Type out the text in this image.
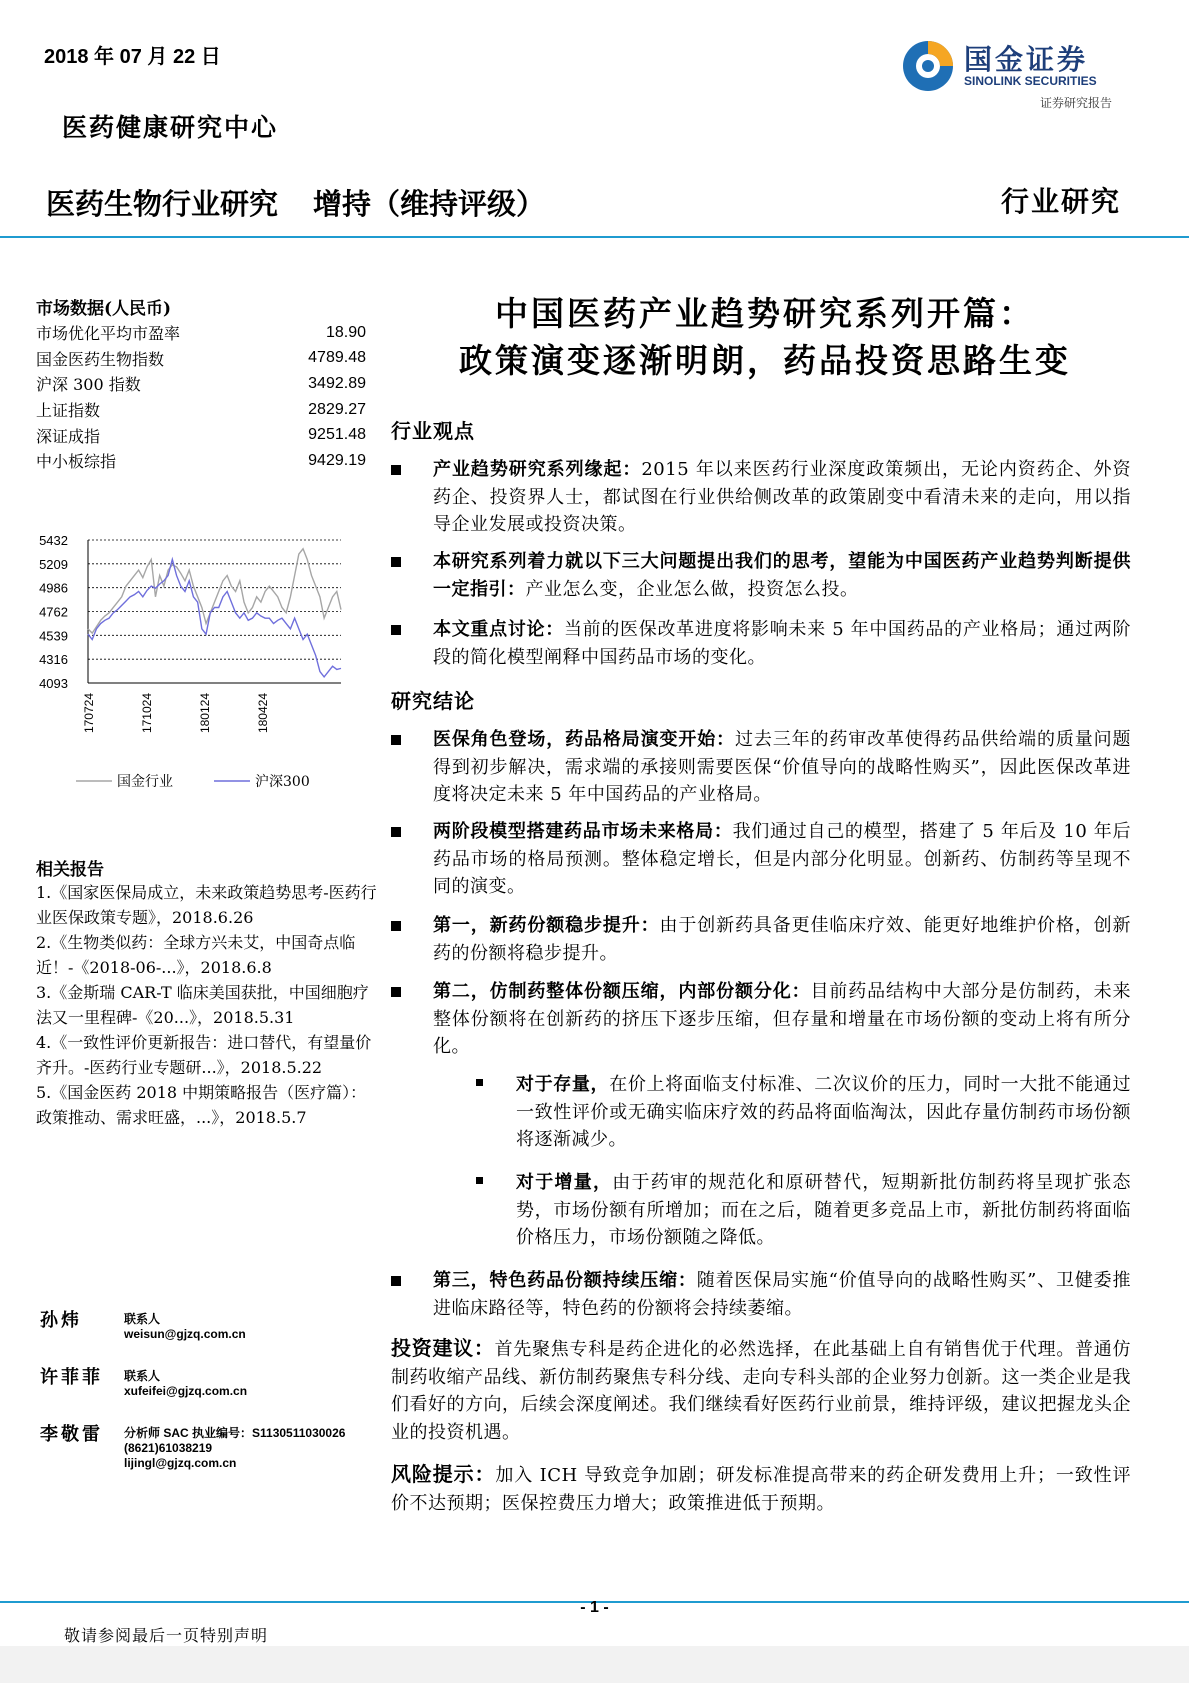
2018 年 07 月 22 日
医药健康研究中心
医药生物行业研究 增持（维持评级）	行业研究
国金证券
SINOLINK SECURITIES
证券研究报告
市场数据(人民币)
市场优化平均市盈率	18.90
国金医药生物指数	4789.48
沪深 300 指数	3492.89
上证指数	2829.27
深证成指	9251.48
中小板综指	9429.19
5432
5209
4986
4762
4539
4316
4093
170724	171024	180124	180424
国金行业	沪深300
相关报告
1.《国家医保局成立，未来政策趋势思考-医药行业医保政策专题》，2018.6.26
2.《生物类似药：全球方兴未艾，中国奇点临近！-《2018-06-...》，2018.6.8
3.《金斯瑞 CAR-T 临床美国获批，中国细胞疗法又一里程碑-《20...》，2018.5.31
4.《一致性评价更新报告：进口替代，有望量价齐升。-医药行业专题研...》，2018.5.22
5.《国金医药 2018 中期策略报告（医疗篇）：政策推动、需求旺盛，...》，2018.5.7
孙炜	联系人
weisun@gjzq.com.cn
许菲菲 联系人
xufeifei@gjzq.com.cn
李敬雷 分析师 SAC 执业编号：S1130511030026
(8621)61038219
lijingl@gjzq.com.cn
中国医药产业趋势研究系列开篇：
政策演变逐渐明朗，药品投资思路生变
行业观点
产业趋势研究系列缘起：2015 年以来医药行业深度政策频出，无论内资药企、外资药企、投资界人士，都试图在行业供给侧改革的政策剧变中看清未来的走向，用以指导企业发展或投资决策。
本研究系列着力就以下三大问题提出我们的思考，望能为中国医药产业趋势判断提供一定指引：产业怎么变，企业怎么做，投资怎么投。
本文重点讨论：当前的医保改革进度将影响未来 5 年中国药品的产业格局；通过两阶段的简化模型阐释中国药品市场的变化。
研究结论
医保角色登场，药品格局演变开始：过去三年的药审改革使得药品供给端的质量问题得到初步解决，需求端的承接则需要医保“价值导向的战略性购买”，因此医保改革进度将决定未来 5 年中国药品的产业格局。
两阶段模型搭建药品市场未来格局：我们通过自己的模型，搭建了 5 年后及 10 年后药品市场的格局预测。整体稳定增长，但是内部分化明显。创新药、仿制药等呈现不同的演变。
第一，新药份额稳步提升：由于创新药具备更佳临床疗效、能更好地维护价格，创新药的份额将稳步提升。
第二，仿制药整体份额压缩，内部份额分化：目前药品结构中大部分是仿制药，未来整体份额将在创新药的挤压下逐步压缩，但存量和增量在市场份额的变动上将有所分化。
对于存量，在价上将面临支付标准、二次议价的压力，同时一大批不能通过一致性评价或无确实临床疗效的药品将面临淘汰，因此存量仿制药市场份额将逐渐减少。
对于增量，由于药审的规范化和原研替代，短期新批仿制药将呈现扩张态势，市场份额有所增加；而在之后，随着更多竞品上市，新批仿制药将面临价格压力，市场份额随之降低。
第三，特色药品份额持续压缩：随着医保局实施“价值导向的战略性购买”、卫健委推进临床路径等，特色药的份额将会持续萎缩。
投资建议：首先聚焦专科是药企进化的必然选择，在此基础上自有销售优于代理。普通仿制药收缩产品线、新仿制药聚焦专科分线、走向专科头部的企业努力创新。这一类企业是我们看好的方向，后续会深度阐述。我们继续看好医药行业前景，维持评级，建议把握龙头企业的投资机遇。
风险提示：加入 ICH 导致竞争加剧；研发标准提高带来的药企研发费用上升；一致性评价不达预期；医保控费压力增大；政策推进低于预期。
- 1 -
敬请参阅最后一页特别声明
